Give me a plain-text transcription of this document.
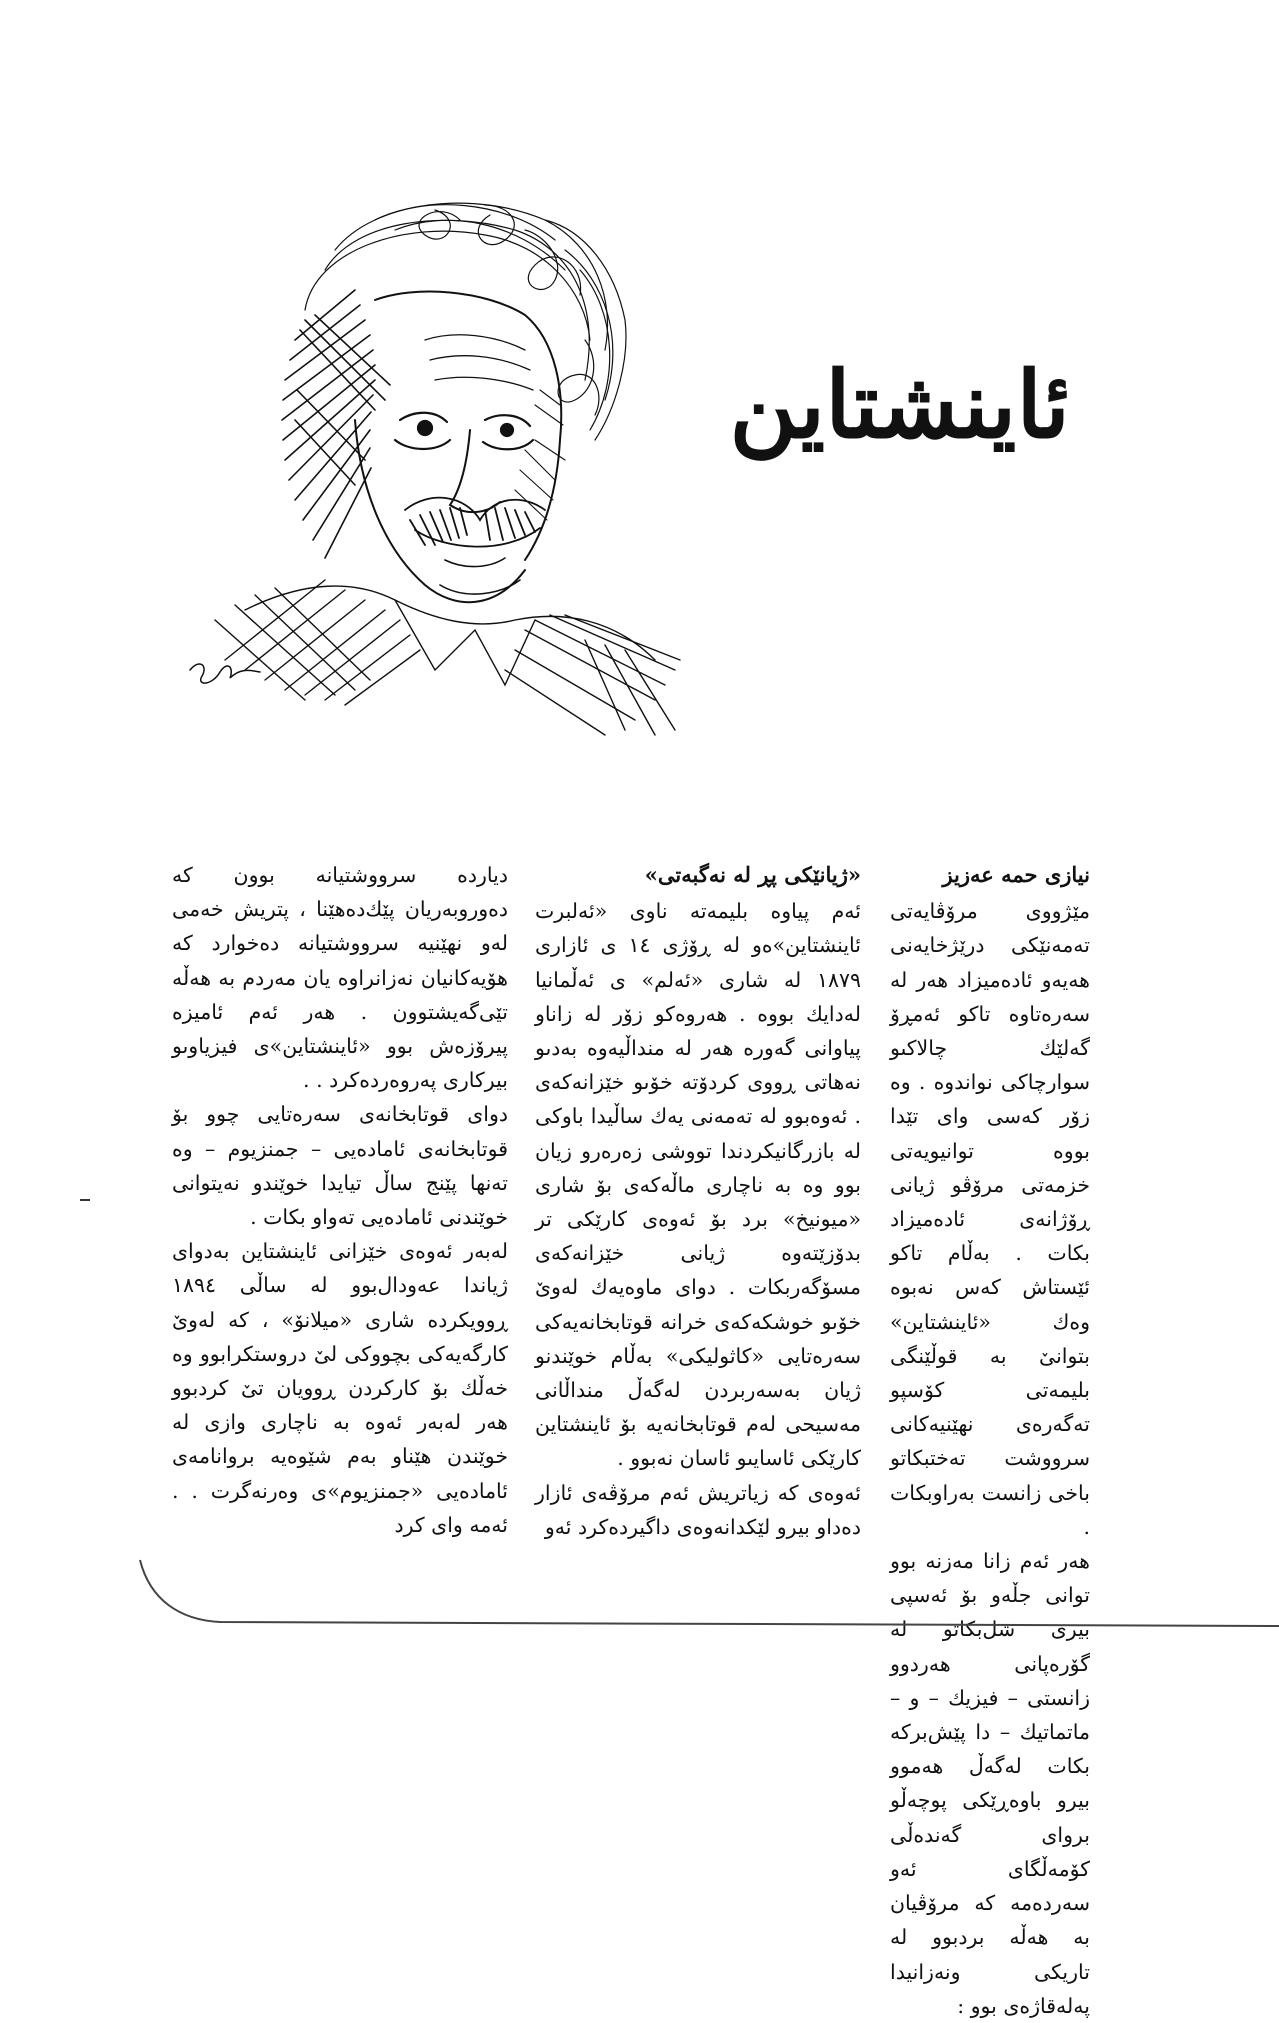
ئاينشتاين

نيازى حمه عەزيز

مێژووى مرۆڤايەتى تەمەنێكى درێژخايەنى هەيەو ئادەميزاد هەر لە سەرەتاوە تاكو ئەمڕۆ گەلێك چالاكىو سوارچاكى نواندوه . وه زۆر كەسى واى تێدا بووه توانيويەتى خزمەتى مرۆڤو ژيانى ڕۆژانەى ئادەميزاد بكات . بەڵام تاكو ئێستاش كەس نەبوە وەك «ئاينشتاين» بتوانىٚ بە قوڵێنگى بليمەتى كۆسپو تەگەرەى نهێنيەكانى سرووشت تەختبكاتو باخى زانست بەراوبكات .

هەر ئەم زانا مەزنە بوو توانى جڵەو بۆ ئەسپى بيرى شل‌بكاتو لە گۆرەپانى هەردوو زانستى – فيزيك – و – ماتماتيك – دا پێش‌بركە بكات لەگەڵ هەموو بيرو باوەڕێكى پوچەڵو برواى گەندەڵى كۆمەڵگاى ئەو سەردەمە كە مرۆڤيان بە هەڵە بردبوو لە تاريكى ونەزانيدا پەلەقاژەى بوو :

«ژيانێكى پڕ لە نەگبەتى»

ئەم پياوە بليمەتە ناوى «ئەلبرت ئاينشتاين»ەو لە ڕۆژى ١٤ ى ئازارى ١٨٧٩ لە شارى «ئەلم» ى ئەڵمانيا لەدايك بووه . هەروەكو زۆر لە زاناو پياوانى گەورە هەر لە منداڵيەوه بەدىو نەهاتى ڕووى كردۆتە خۆىو خێزانەكەى . ئەوەبوو لە تەمەنى يەك ساڵيدا باوكى لە بازرگانيكردندا تووشى زەرەرو زيان بوو وه بە ناچارى ماڵەكەى بۆ شارى «ميونيخ» برد بۆ ئەوەى كارێكى تر بدۆزێتەوه ژيانى خێزانەكەى مسۆگەربكات . دواى ماوەيەك لەوىٚ خۆىو خوشكەكەى خرانە قوتابخانەيەكى سەرەتايى «كاثوليكى» بەڵام خوێندنو ژيان بەسەربردن لەگەڵ منداڵانى مەسيحى لەم قوتابخانەيە بۆ ئاينشتاين كارێكى ئاسايىو ئاسان نەبوو .

ئەوەى كە زياتريش ئەم مرۆڤەى ئازار دەداو بيرو لێكدانەوەى داگيردەكرد ئەو

ديارده سرووشتيانە بوون كە دەوروبەريان پێك‌دەهێنا ، پتريش خەمى لەو نهێنيە سرووشتيانە دەخوارد كە هۆيەكانيان نەزانراوه يان مەردم بە هەڵە تێى‌گەيشتوون . هەر ئەم ئاميزە پيرۆزەش بوو «ئاينشتاين»ى فيزياوىو بيركارى پەروەردەكرد . .

دواى قوتابخانەى سەرەتايى چوو بۆ قوتابخانەى ئامادەيى – جمنزيوم – وه تەنها پێنج ساڵ تيايدا خوێندو نەيتوانى خوێندنى ئامادەيى تەواو بكات .

لەبەر ئەوەى خێزانى ئاينشتاين بەدواى ژياندا عەودال‌بوو لە ساڵى ١٨٩٤ ڕوويكردە شارى «ميلانۆ» ، كە لەوىٚ كارگەيەكى بچووكى لىٚ دروستكرابوو وه خەڵك بۆ كاركردن ڕوويان تىٚ كردبوو هەر لەبەر ئەوه بە ناچارى وازى لە خوێندن هێناو بەم شێوەيە بروانامەى ئامادەيى «جمنزيوم»ى وەرنەگرت . . ئەمە واى كرد
